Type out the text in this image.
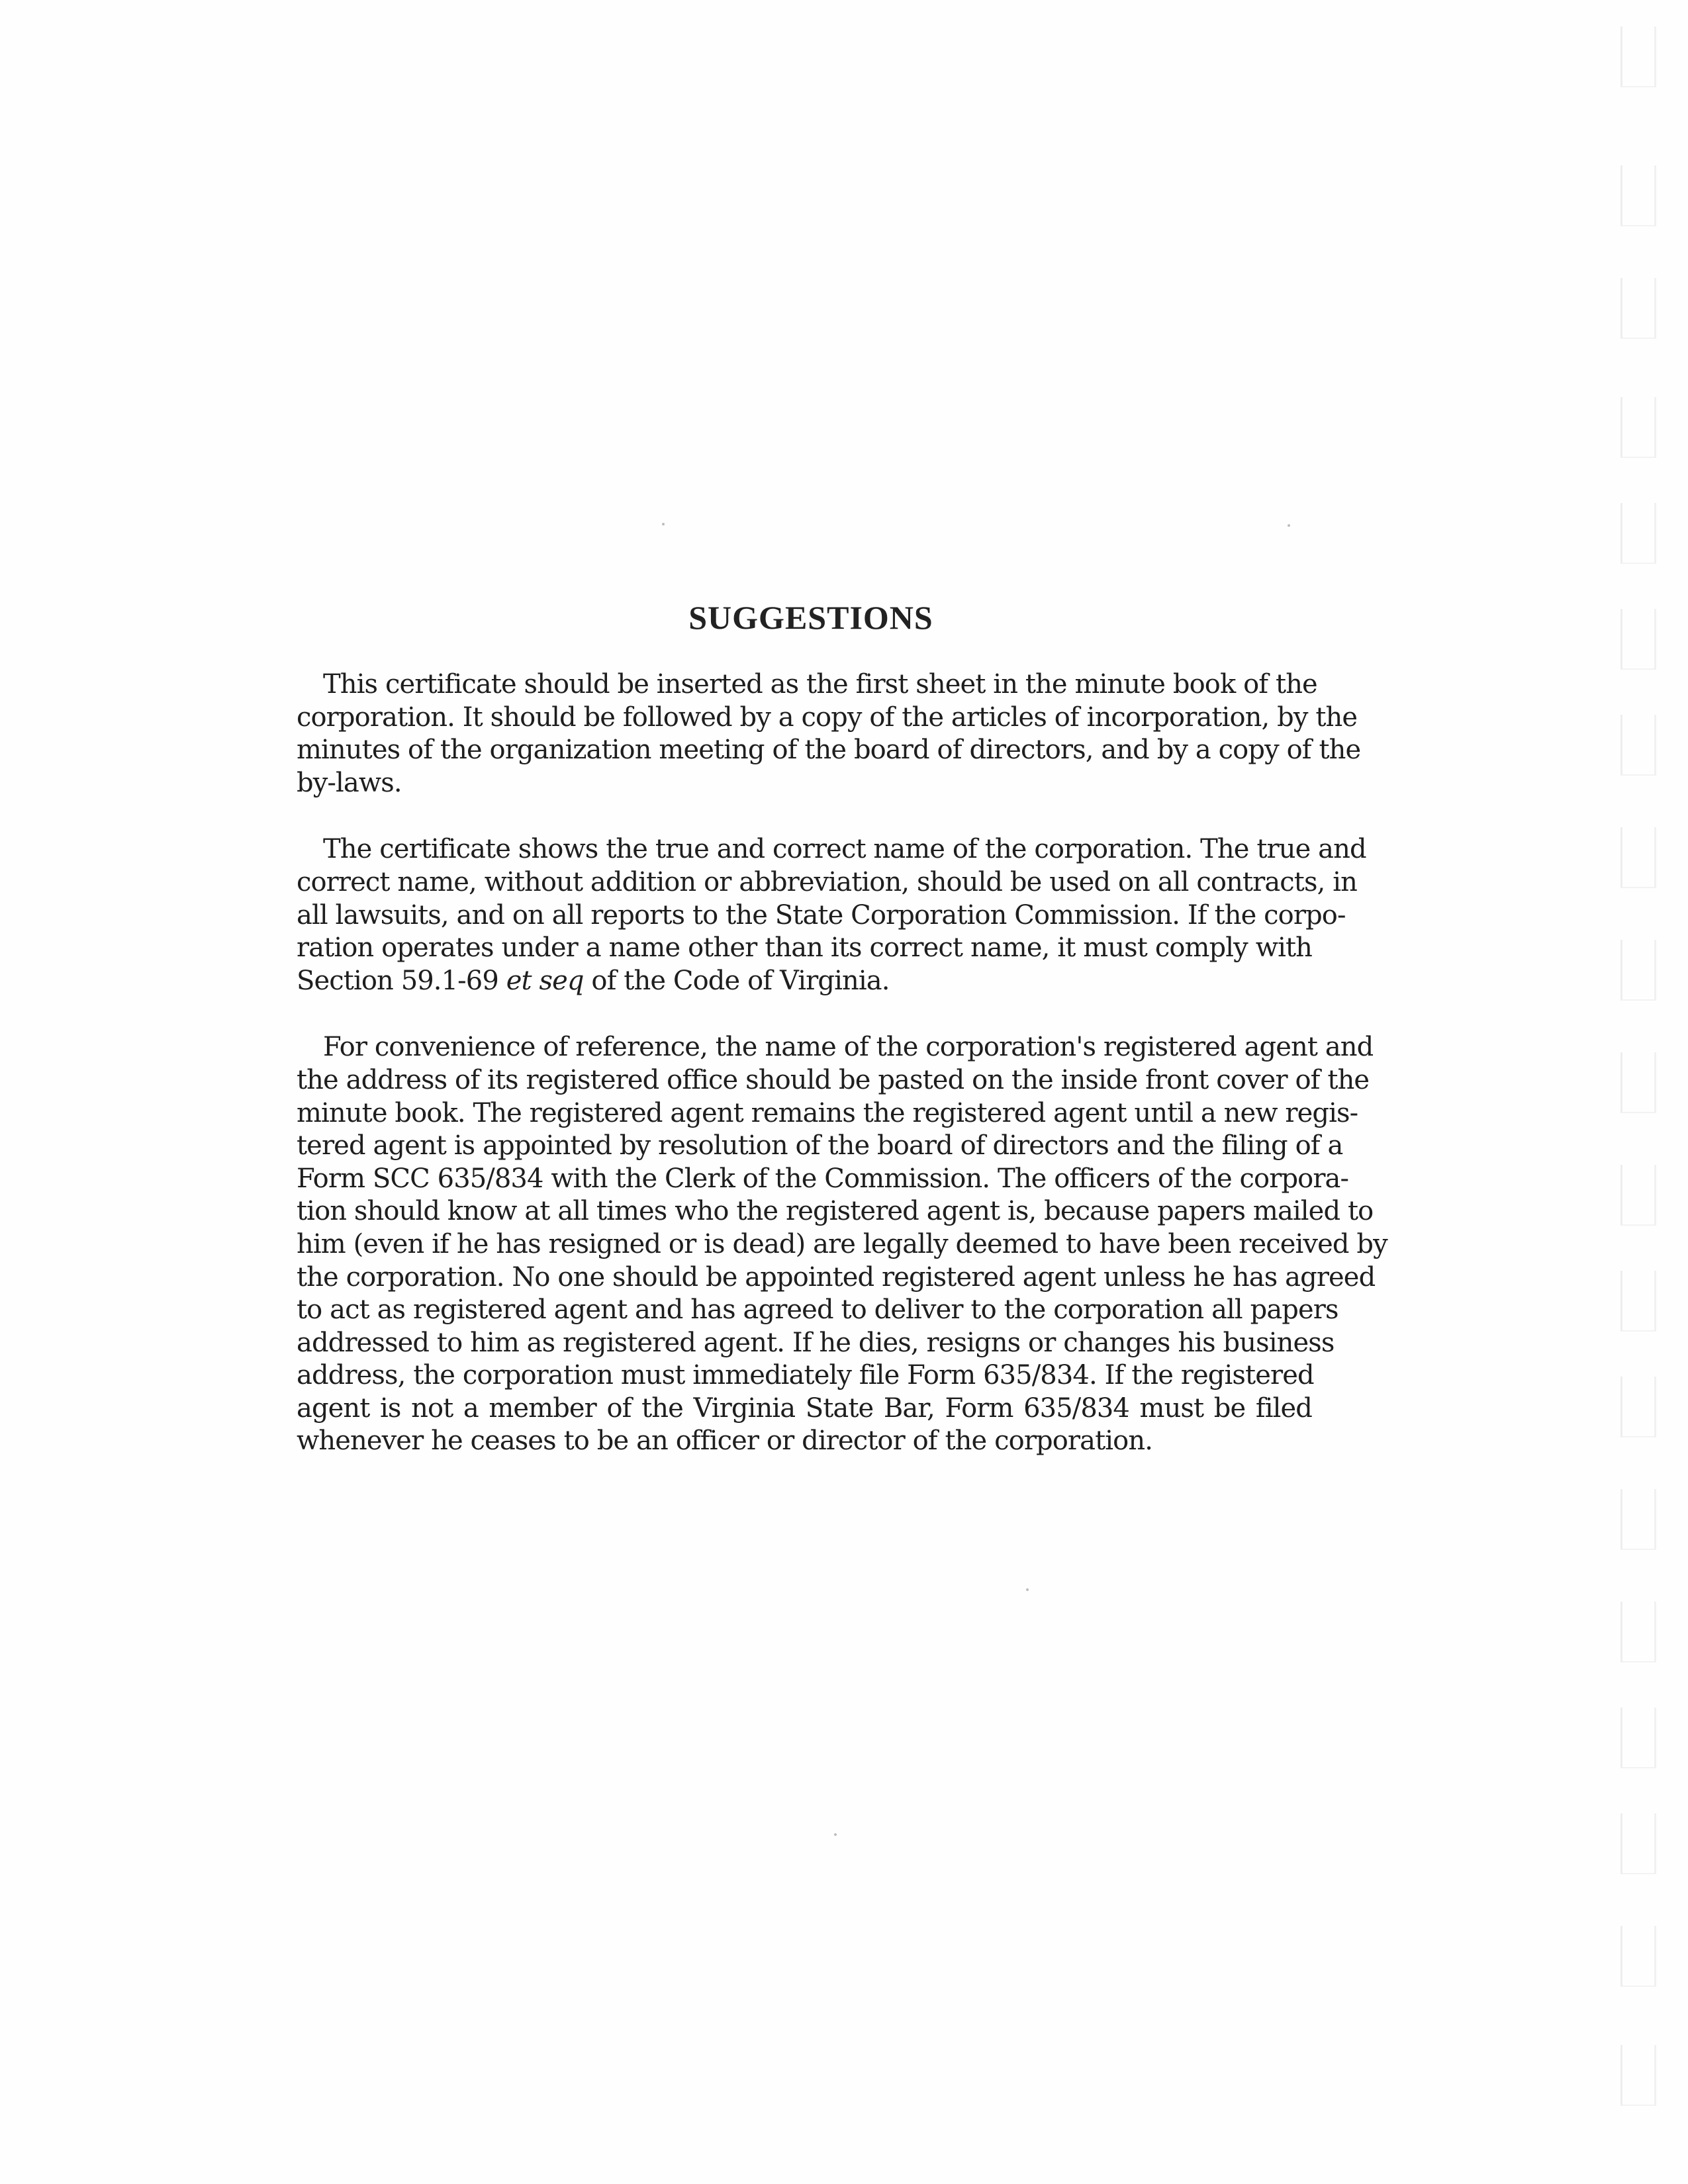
SUGGESTIONS

This certificate should be inserted as the first sheet in the minute book of the
corporation. It should be followed by a copy of the articles of incorporation, by the
minutes of the organization meeting of the board of directors, and by a copy of the
by-laws.

The certificate shows the true and correct name of the corporation. The true and
correct name, without addition or abbreviation, should be used on all contracts, in
all lawsuits, and on all reports to the State Corporation Commission. If the corpo-
ration operates under a name other than its correct name, it must comply with
Section 59.1-69 et seq of the Code of Virginia.

For convenience of reference, the name of the corporation's registered agent and
the address of its registered office should be pasted on the inside front cover of the
minute book. The registered agent remains the registered agent until a new regis-
tered agent is appointed by resolution of the board of directors and the filing of a
Form SCC 635/834 with the Clerk of the Commission. The officers of the corpora-
tion should know at all times who the registered agent is, because papers mailed to
him (even if he has resigned or is dead) are legally deemed to have been received by
the corporation. No one should be appointed registered agent unless he has agreed
to act as registered agent and has agreed to deliver to the corporation all papers
addressed to him as registered agent. If he dies, resigns or changes his business
address, the corporation must immediately file Form 635/834. If the registered
agent is not a member of the Virginia State Bar, Form 635/834 must be filed
whenever he ceases to be an officer or director of the corporation.
